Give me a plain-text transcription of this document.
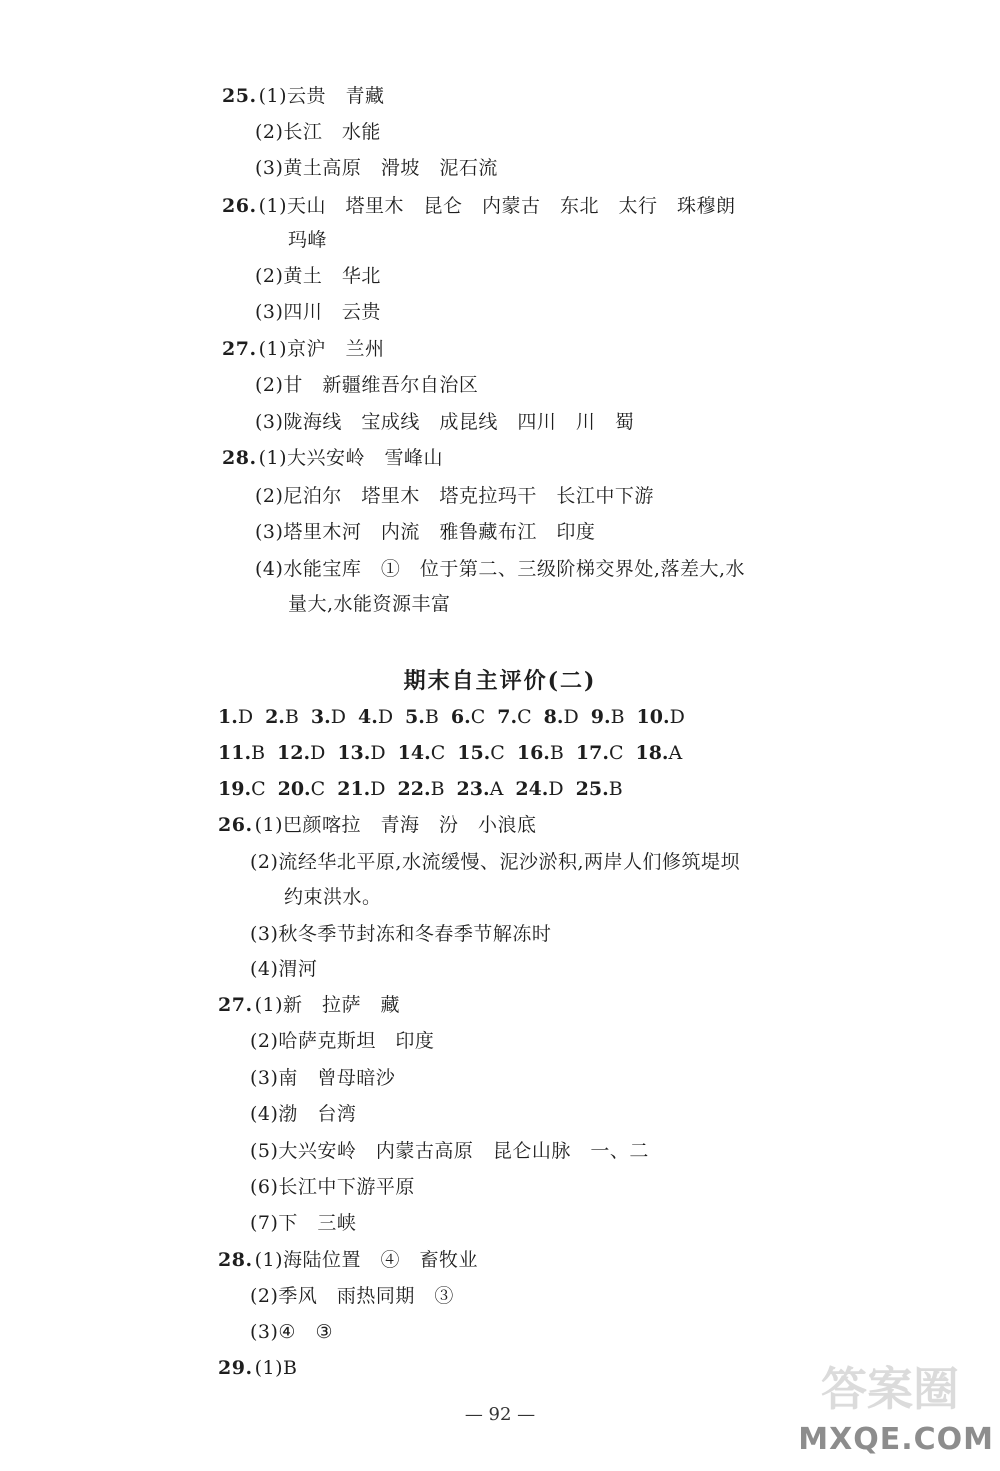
25. (1)云贵　青藏
(2)长江　水能
(3)黄土高原　滑坡　泥石流
26. (1)天山　塔里木　昆仑　内蒙古　东北　太行　珠穆朗
玛峰
(2)黄土　华北
(3)四川　云贵
27. (1)京沪　兰州
(2)甘　新疆维吾尔自治区
(3)陇海线　宝成线　成昆线　四川　川　蜀
28. (1)大兴安岭　雪峰山
(2)尼泊尔　塔里木　塔克拉玛干　长江中下游
(3)塔里木河　内流　雅鲁藏布江　印度
(4)水能宝库　①　位于第二、三级阶梯交界处,落差大,水
量大,水能资源丰富
期末自主评价(二)
1.D 2.B 3.D 4.D 5.B 6.C 7.C 8.D 9.B 10.D
11.B 12.D 13.D 14.C 15.C 16.B 17.C 18.A
19.C 20.C 21.D 22.B 23.A 24.D 25.B
26. (1)巴颜喀拉　青海　汾　小浪底
(2)流经华北平原,水流缓慢、泥沙淤积,两岸人们修筑堤坝
约束洪水。
(3)秋冬季节封冻和冬春季节解冻时
(4)渭河
27. (1)新　拉萨　藏
(2)哈萨克斯坦　印度
(3)南　曾母暗沙
(4)渤　台湾
(5)大兴安岭　内蒙古高原　昆仑山脉　一、二
(6)长江中下游平原
(7)下　三峡
28. (1)海陆位置　④　畜牧业
(2)季风　雨热同期　③
(3)④　③
29. (1)B
— 92 —	答案圈
MXQE.COM
